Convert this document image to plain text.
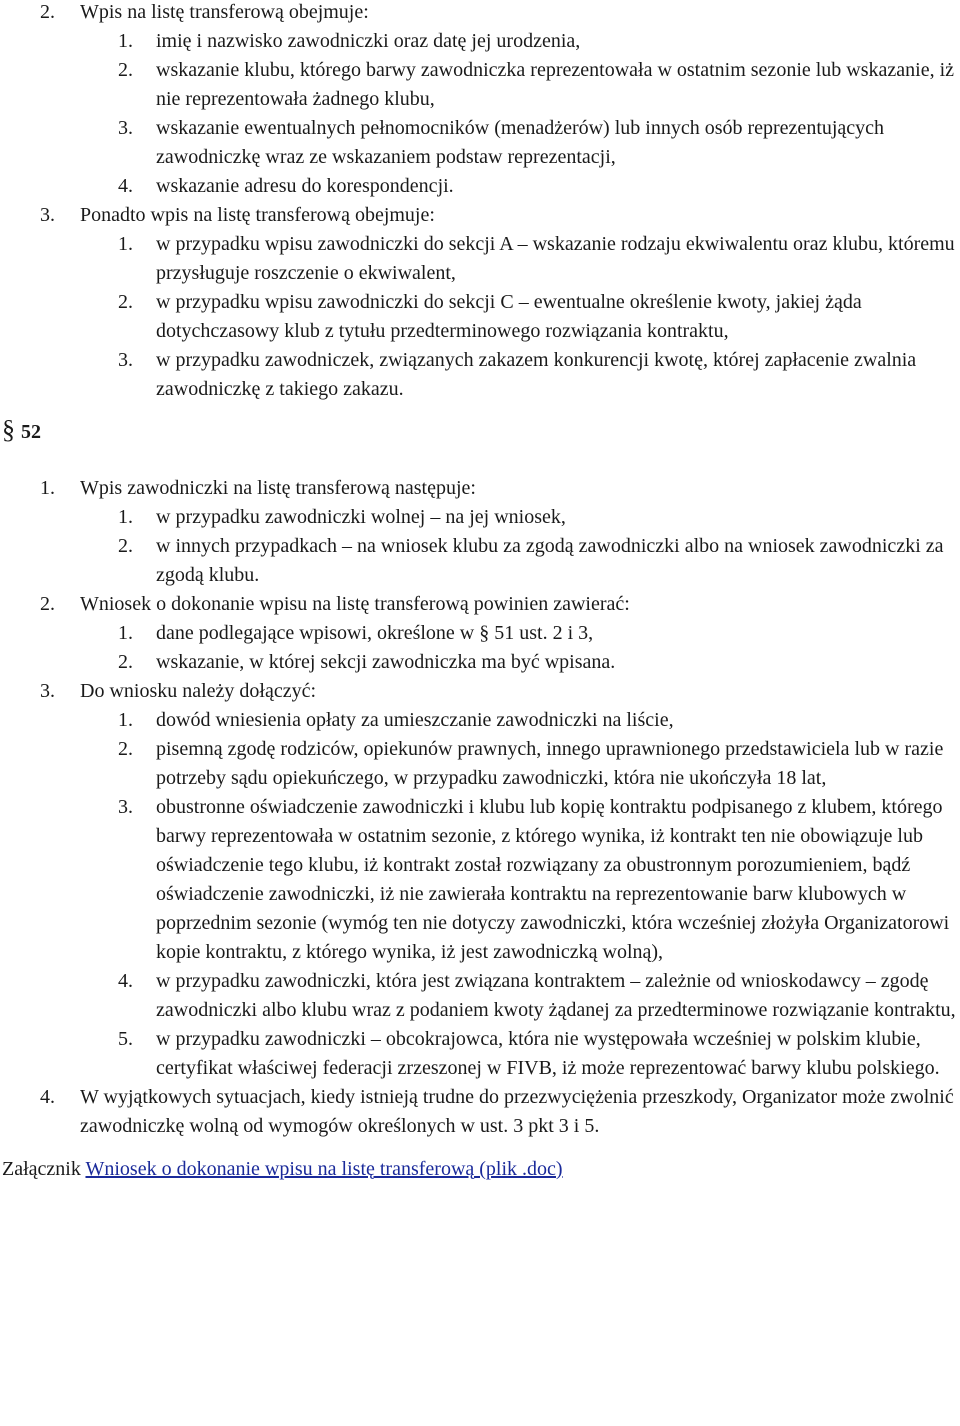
2.	Wpis na listę transferową obejmuje:
1.	imię i nazwisko zawodniczki oraz datę jej urodzenia,
2.	wskazanie klubu, którego barwy zawodniczka reprezentowała w ostatnim sezonie lub wskazanie, iż nie reprezentowała żadnego klubu,
3.	wskazanie ewentualnych pełnomocników (menadżerów) lub innych osób reprezentujących zawodniczkę wraz ze wskazaniem podstaw reprezentacji,
4.	wskazanie adresu do korespondencji.
3.	Ponadto wpis na listę transferową obejmuje:
1.	w przypadku wpisu zawodniczki do sekcji A – wskazanie rodzaju ekwiwalentu oraz klubu, któremu przysługuje roszczenie o ekwiwalent,
2.	w przypadku wpisu zawodniczki do sekcji C – ewentualne określenie kwoty, jakiej żąda dotychczasowy klub z tytułu przedterminowego rozwiązania kontraktu,
3.	w przypadku zawodniczek, związanych zakazem konkurencji kwotę, której zapłacenie zwalnia zawodniczkę z takiego zakazu.
§ 52
1.	Wpis zawodniczki na listę transferową następuje:
1.	w przypadku zawodniczki wolnej – na jej wniosek,
2.	w innych przypadkach – na wniosek klubu za zgodą zawodniczki albo na wniosek zawodniczki za zgodą klubu.
2.	Wniosek o dokonanie wpisu na listę transferową powinien zawierać:
1.	dane podlegające wpisowi, określone w § 51 ust. 2 i 3,
2.	wskazanie, w której sekcji zawodniczka ma być wpisana.
3.	Do wniosku należy dołączyć:
1.	dowód wniesienia opłaty za umieszczanie zawodniczki na liście,
2.	pisemną zgodę rodziców, opiekunów prawnych, innego uprawnionego przedstawiciela lub w razie potrzeby sądu opiekuńczego, w przypadku zawodniczki, która nie ukończyła 18 lat,
3.	obustronne oświadczenie zawodniczki i klubu lub kopię kontraktu podpisanego z klubem, którego barwy reprezentowała w ostatnim sezonie, z którego wynika, iż kontrakt ten nie obowiązuje lub oświadczenie tego klubu, iż kontrakt został rozwiązany za obustronnym porozumieniem, bądź oświadczenie zawodniczki, iż nie zawierała kontraktu na reprezentowanie barw klubowych w poprzednim sezonie (wymóg ten nie dotyczy zawodniczki, która wcześniej złożyła Organizatorowi kopie kontraktu, z którego wynika, iż jest zawodniczką wolną),
4.	w przypadku zawodniczki, która jest związana kontraktem – zależnie od wnioskodawcy – zgodę zawodniczki albo klubu wraz z podaniem kwoty żądanej za przedterminowe rozwiązanie kontraktu,
5.	w przypadku zawodniczki – obcokrajowca, która nie występowała wcześniej w polskim klubie, certyfikat właściwej federacji zrzeszonej w FIVB, iż może reprezentować barwy klubu polskiego.
4.	W wyjątkowych sytuacjach, kiedy istnieją trudne do przezwyciężenia przeszkody, Organizator może zwolnić zawodniczkę wolną od wymogów określonych w ust. 3 pkt 3 i 5.
Załącznik Wniosek o dokonanie wpisu na listę transferową (plik .doc)
